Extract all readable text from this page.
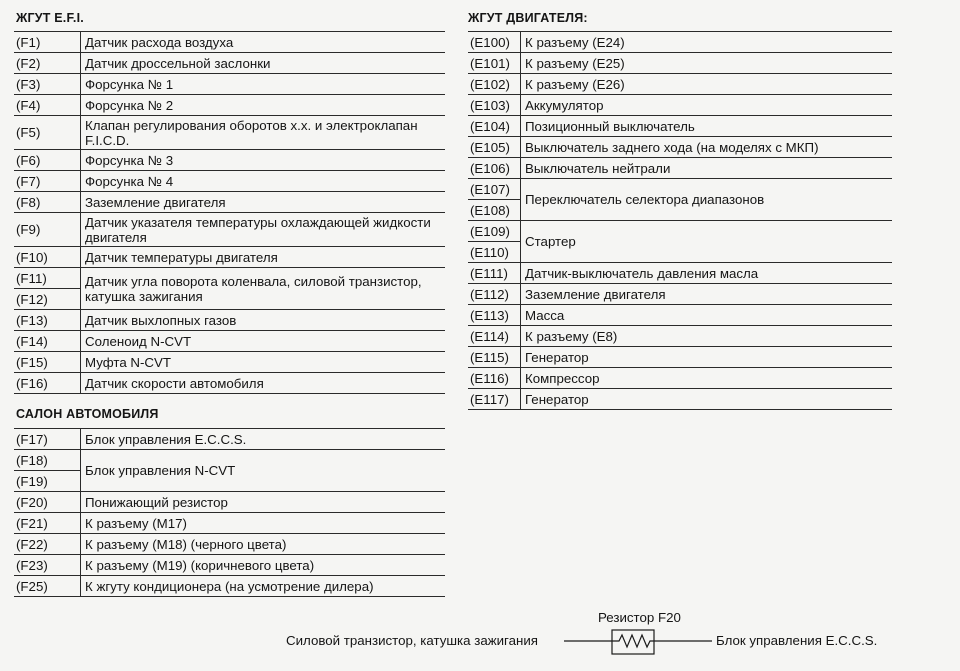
ЖГУТ E.F.I.
(F1)	Датчик расхода воздуха
(F2)	Датчик дроссельной заслонки
(F3)	Форсунка № 1
(F4)	Форсунка № 2
(F5)	Клапан регулирования оборотов х.х. и электроклапан F.I.C.D.
(F6)	Форсунка № 3
(F7)	Форсунка № 4
(F8)	Заземление двигателя
(F9)	Датчик указателя температуры охлаждающей жидкости двигателя
(F10)	Датчик температуры двигателя
(F11)	Датчик угла поворота коленвала, силовой транзистор, катушка зажигания
(F12)	
(F13)	Датчик выхлопных газов
(F14)	Соленоид N-CVT
(F15)	Муфта N-CVT
(F16)	Датчик скорости автомобиля
САЛОН АВТОМОБИЛЯ
(F17)	Блок управления E.C.C.S.
(F18)	Блок управления N-CVT
(F19)	
(F20)	Понижающий резистор
(F21)	К разъему (M17)
(F22)	К разъему (M18) (черного цвета)
(F23)	К разъему (M19) (коричневого цвета)
(F25)	К жгуту кондиционера (на усмотрение дилера)
ЖГУТ ДВИГАТЕЛЯ:
(E100)	К разъему (E24)
(E101)	К разъему (E25)
(E102)	К разъему (E26)
(E103)	Аккумулятор
(E104)	Позиционный выключатель
(E105)	Выключатель заднего хода (на моделях с МКП)
(E106)	Выключатель нейтрали
(E107)	Переключатель селектора диапазонов
(E108)	
(E109)	Стартер
(E110)	
(E111)	Датчик-выключатель давления масла
(E112)	Заземление двигателя
(E113)	Масса
(E114)	К разъему (E8)
(E115)	Генератор
(E116)	Компрессор
(E117)	Генератор
Резистор F20
Силовой транзистор, катушка зажигания	Блок управления E.C.C.S.
